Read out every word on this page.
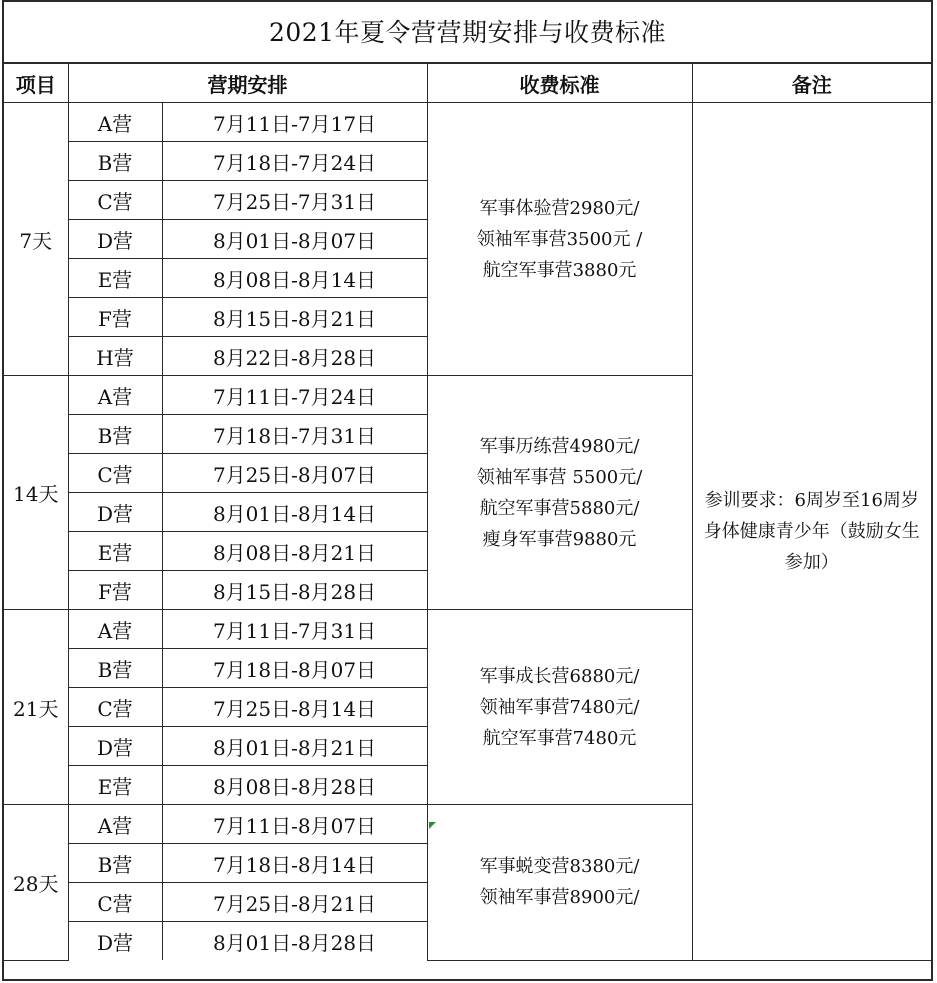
2021年夏令营营期安排与收费标准
项目	营期安排		收费标准	备注
7天	A营	7月11日-7月17日	军事体验营2980元/
领袖军事营3500元 /
航空军事营3880元	参训要求：6周岁至16周岁身体健康青少年（鼓励女生参加）

	B营	7月18日-7月24日		
	C营	7月25日-7月31日		
	D营	8月01日-8月07日		
	E营	8月08日-8月14日		
	F营	8月15日-8月21日		
	H营	8月22日-8月28日		
14天	A营	7月11日-7月24日	军事历练营4980元/
领袖军事营 5500元/
航空军事营5880元/
瘦身军事营9880元	

	B营	7月18日-7月31日		
	C营	7月25日-8月07日		
	D营	8月01日-8月14日		
	E营	8月08日-8月21日		
	F营	8月15日-8月28日		
21天	A营	7月11日-7月31日	军事成长营6880元/
领袖军事营7480元/
航空军事营7480元	

	B营	7月18日-8月07日		
	C营	7月25日-8月14日		
	D营	8月01日-8月21日		
	E营	8月08日-8月28日		
28天	A营	7月11日-8月07日	军事蜕变营8380元/
领袖军事营8900元/	

	B营	7月18日-8月14日		
	C营	7月25日-8月21日		
	D营	8月01日-8月28日		
